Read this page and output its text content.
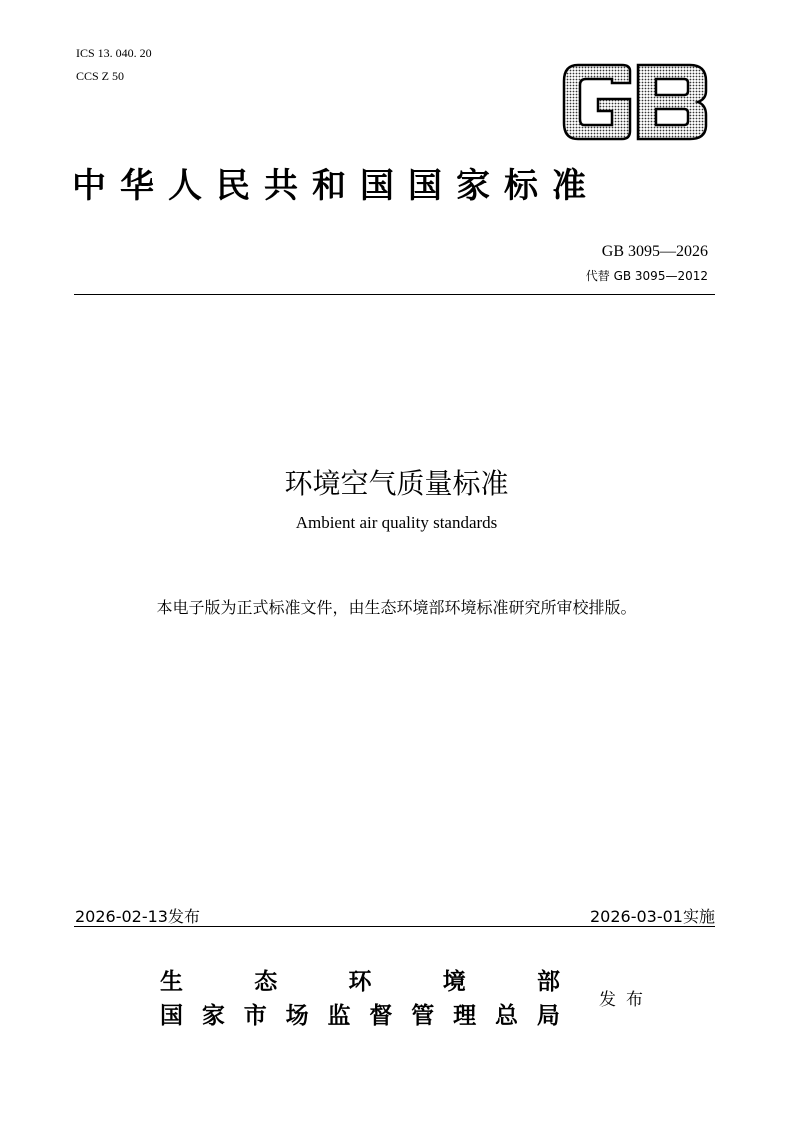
ICS 13. 040. 20
CCS Z 50
中华人民共和国国家标准
GB 3095—2026
代替 GB 3095—2012
环境空气质量标准
Ambient air quality standards
本电子版为正式标准文件，由生态环境部环境标准研究所审校排版。
2026-02-13发布	2026-03-01实施
生	态	环	境	部
国 家 市 场 监 督 管 理 总 局
发布
